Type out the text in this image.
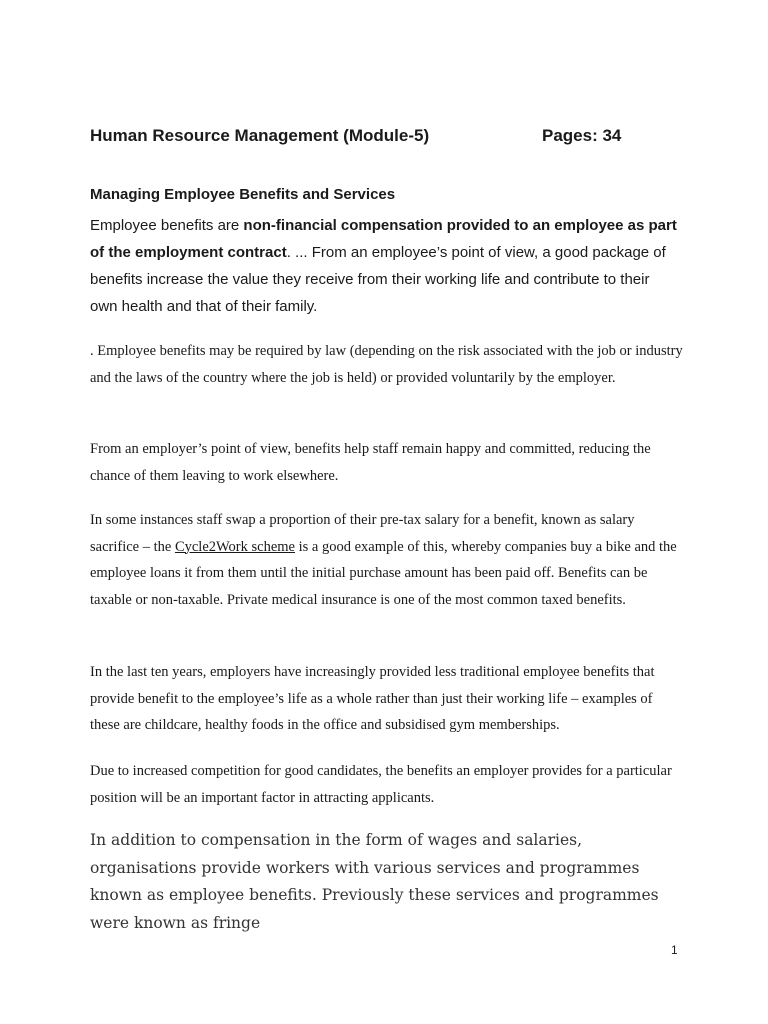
Human Resource Management (Module-5)	Pages: 34
Managing Employee Benefits and Services

Employee benefits are non-financial compensation provided to an employee as part of the employment contract. ... From an employee’s point of view, a good package of benefits increase the value they receive from their working life and contribute to their own health and that of their family.

. Employee benefits may be required by law (depending on the risk associated with the job or industry and the laws of the country where the job is held) or provided voluntarily by the employer.

From an employer’s point of view, benefits help staff remain happy and committed, reducing the chance of them leaving to work elsewhere.

In some instances staff swap a proportion of their pre-tax salary for a benefit, known as salary sacrifice – the Cycle2Work scheme is a good example of this, whereby companies buy a bike and the employee loans it from them until the initial purchase amount has been paid off. Benefits can be taxable or non-taxable. Private medical insurance is one of the most common taxed benefits.

In the last ten years, employers have increasingly provided less traditional employee benefits that provide benefit to the employee’s life as a whole rather than just their working life – examples of these are childcare, healthy foods in the office and subsidised gym memberships.

Due to increased competition for good candidates, the benefits an employer provides for a particular position will be an important factor in attracting applicants.

In addition to compensation in the form of wages and salaries, organisations provide workers with various services and programmes known as employee benefits. Previously these services and programmes were known as fringe

1
